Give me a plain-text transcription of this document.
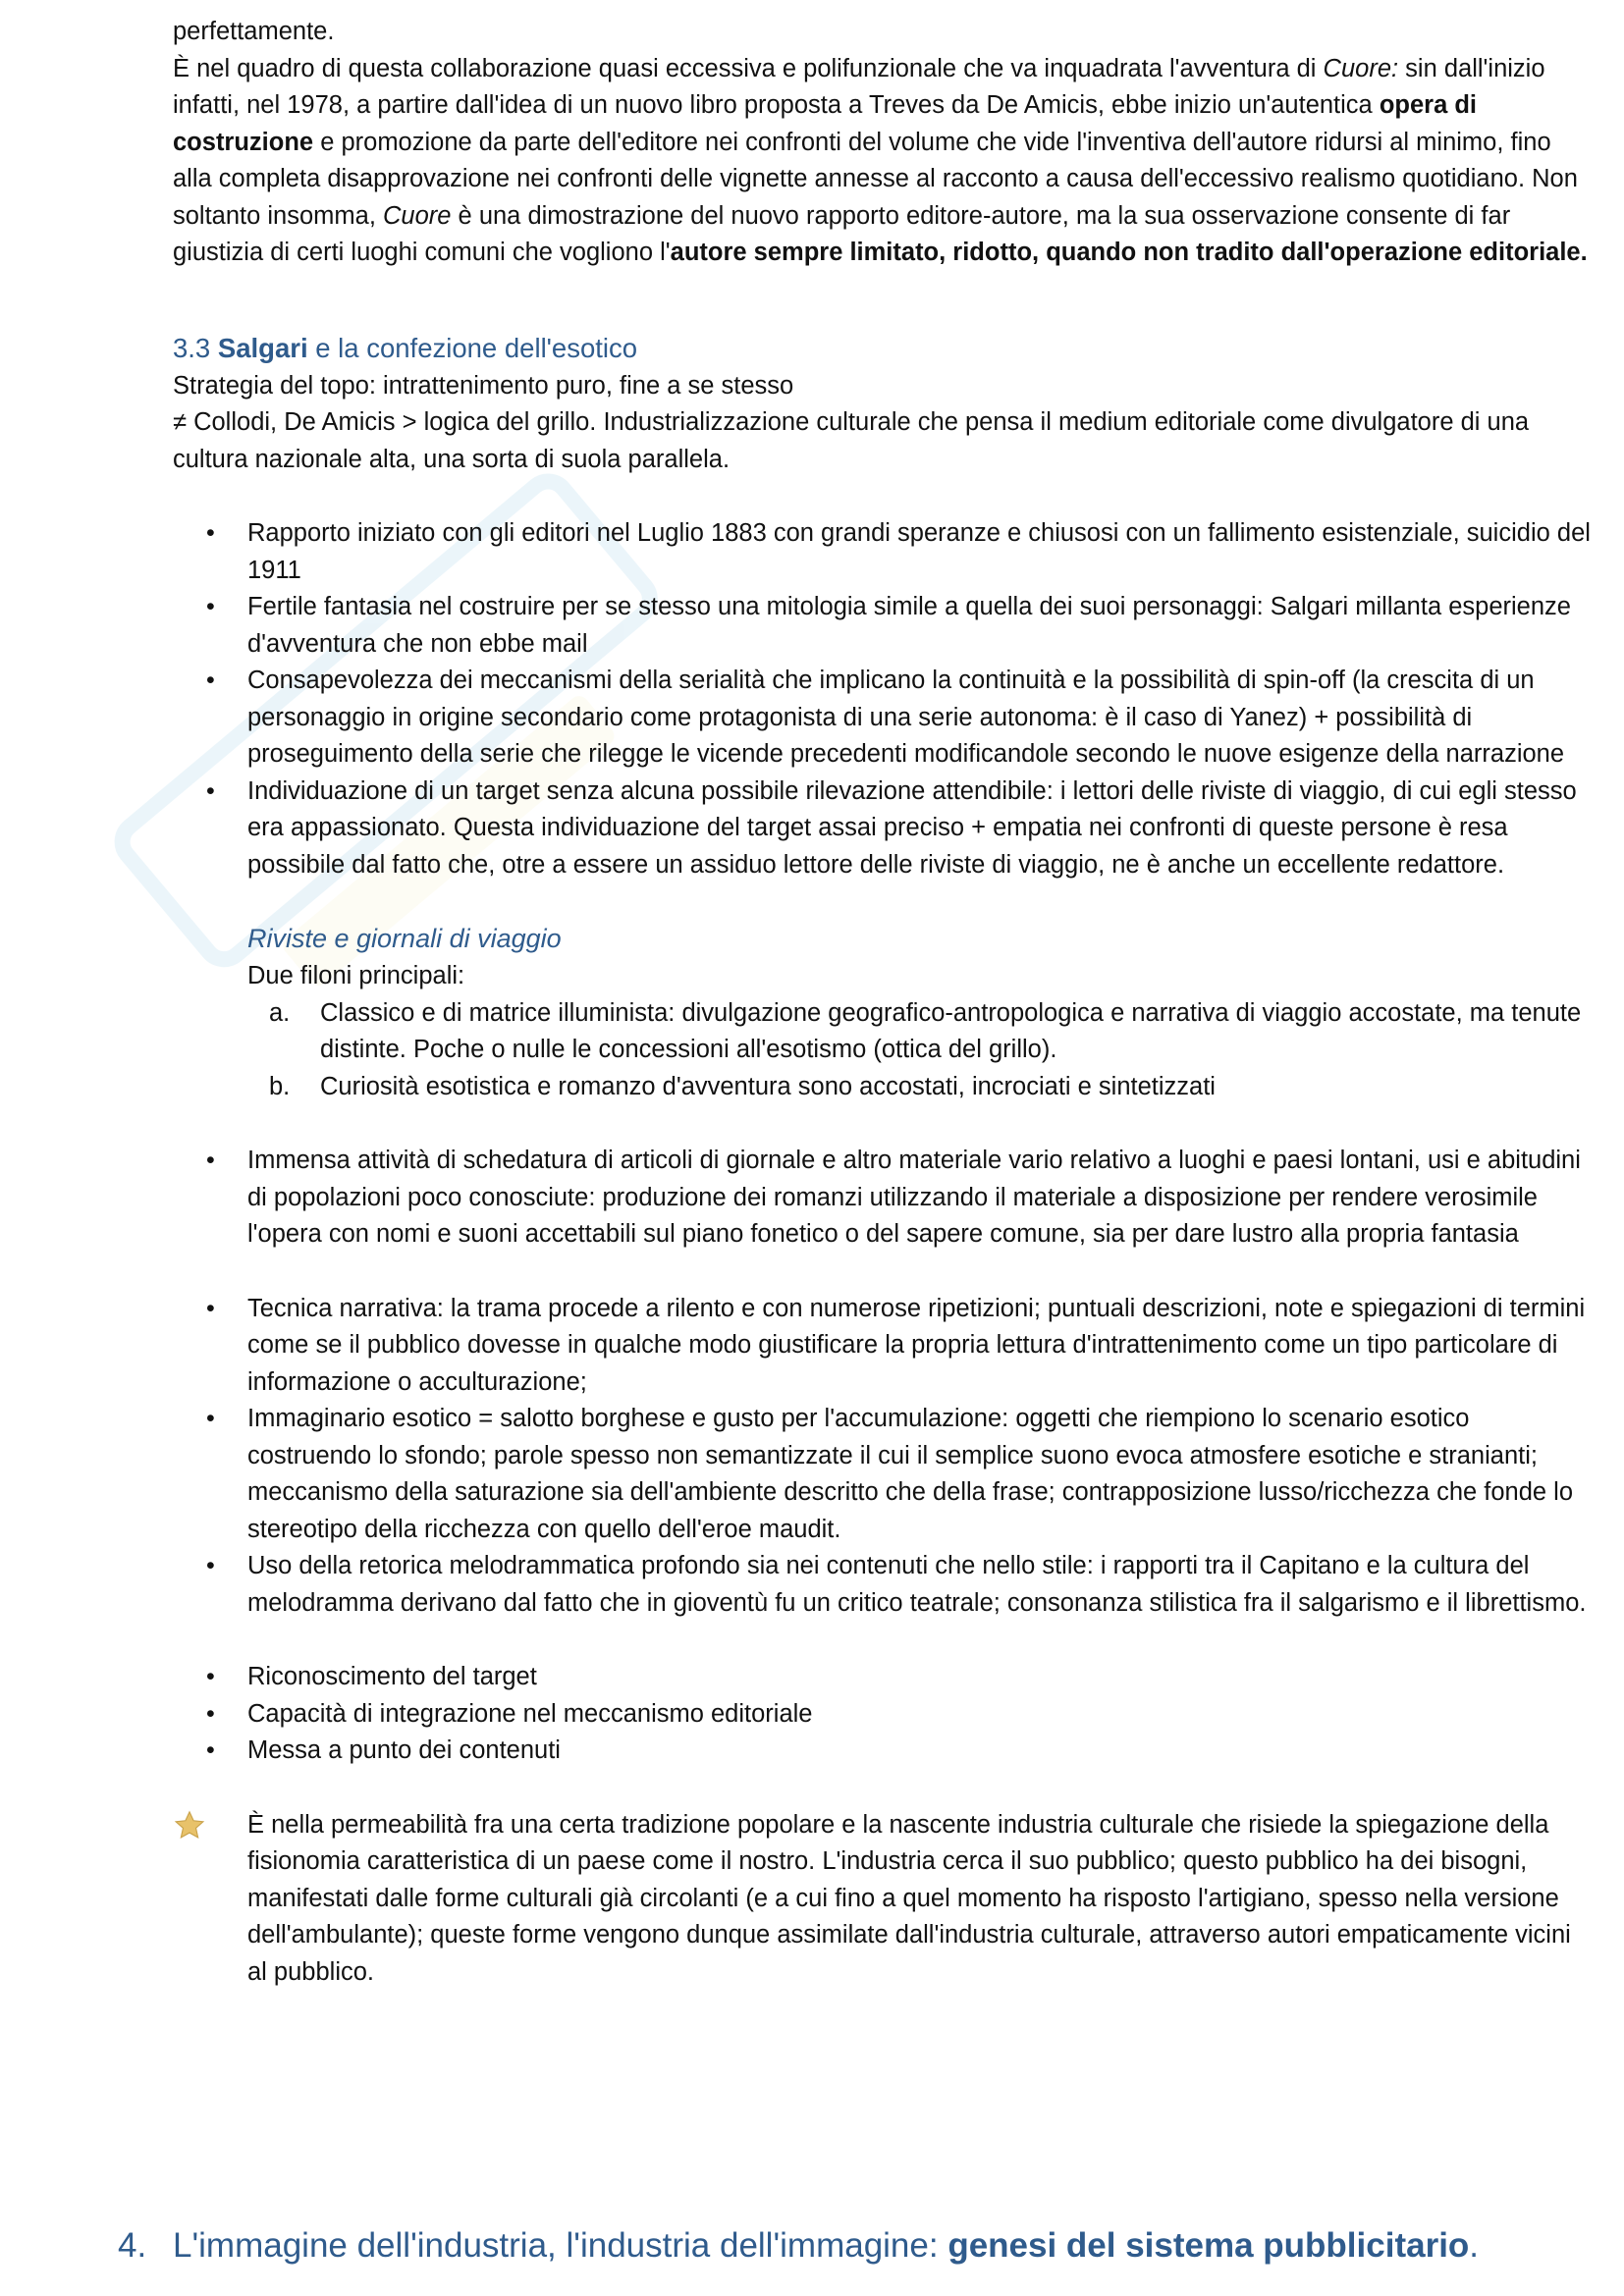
perfettamente.

È nel quadro di questa collaborazione quasi eccessiva e polifunzionale che va inquadrata l'avventura di Cuore: sin dall'inizio infatti, nel 1978, a partire dall'idea di un nuovo libro proposta a Treves da De Amicis, ebbe inizio un'autentica opera di costruzione e promozione da parte dell'editore nei confronti del volume che vide l'inventiva dell'autore ridursi al minimo, fino alla completa disapprovazione nei confronti delle vignette annesse al racconto a causa dell'eccessivo realismo quotidiano. Non soltanto insomma, Cuore è una dimostrazione del nuovo rapporto editore-autore, ma la sua osservazione consente di far giustizia di certi luoghi comuni che vogliono l'autore sempre limitato, ridotto, quando non tradito dall'operazione editoriale.

3.3 Salgari e la confezione dell'esotico

Strategia del topo: intrattenimento puro, fine a se stesso

≠ Collodi, De Amicis > logica del grillo. Industrializzazione culturale che pensa il medium editoriale come divulgatore di una cultura nazionale alta, una sorta di suola parallela.

• Rapporto iniziato con gli editori nel Luglio 1883 con grandi speranze e chiusosi con un fallimento esistenziale, suicidio del 1911
• Fertile fantasia nel costruire per se stesso una mitologia simile a quella dei suoi personaggi: Salgari millanta esperienze d'avventura che non ebbe mail
• Consapevolezza dei meccanismi della serialità che implicano la continuità e la possibilità di spin-off (la crescita di un personaggio in origine secondario come protagonista di una serie autonoma: è il caso di Yanez) + possibilità di proseguimento della serie che rilegge le vicende precedenti modificandole secondo le nuove esigenze della narrazione
• Individuazione di un target senza alcuna possibile rilevazione attendibile: i lettori delle riviste di viaggio, di cui egli stesso era appassionato. Questa individuazione del target assai preciso + empatia nei confronti di queste persone è resa possibile dal fatto che, otre a essere un assiduo lettore delle riviste di viaggio, ne è anche un eccellente redattore.
Riviste e giornali di viaggio

Due filoni principali:

a. Classico e di matrice illuminista: divulgazione geografico-antropologica e narrativa di viaggio accostate, ma tenute distinte. Poche o nulle le concessioni all'esotismo (ottica del grillo).
b. Curiosità esotistica e romanzo d'avventura sono accostati, incrociati e sintetizzati
• Immensa attività di schedatura di articoli di giornale e altro materiale vario relativo a luoghi e paesi lontani, usi e abitudini di popolazioni poco conosciute: produzione dei romanzi utilizzando il materiale a disposizione per rendere verosimile l'opera con nomi e suoni accettabili sul piano fonetico o del sapere comune, sia per dare lustro alla propria fantasia
• Tecnica narrativa: la trama procede a rilento e con numerose ripetizioni; puntuali descrizioni, note e spiegazioni di termini come se il pubblico dovesse in qualche modo giustificare la propria lettura d'intrattenimento come un tipo particolare di informazione o acculturazione;
• Immaginario esotico = salotto borghese e gusto per l'accumulazione: oggetti che riempiono lo scenario esotico costruendo lo sfondo; parole spesso non semantizzate il cui il semplice suono evoca atmosfere esotiche e stranianti; meccanismo della saturazione sia dell'ambiente descritto che della frase; contrapposizione lusso/ricchezza che fonde lo stereotipo della ricchezza con quello dell'eroe maudit.
• Uso della retorica melodrammatica profondo sia nei contenuti che nello stile: i rapporti tra il Capitano e la cultura del melodramma derivano dal fatto che in gioventù fu un critico teatrale; consonanza stilistica fra il salgarismo e il librettismo.
• Riconoscimento del target
• Capacità di integrazione nel meccanismo editoriale
• Messa a punto dei contenuti

È nella permeabilità fra una certa tradizione popolare e la nascente industria culturale che risiede la spiegazione della fisionomia caratteristica di un paese come il nostro. L'industria cerca il suo pubblico; questo pubblico ha dei bisogni, manifestati dalle forme culturali già circolanti (e a cui fino a quel momento ha risposto l'artigiano, spesso nella versione dell'ambulante); queste forme vengono dunque assimilate dall'industria culturale, attraverso autori empaticamente vicini al pubblico.

4. L'immagine dell'industria, l'industria dell'immagine: genesi del sistema pubblicitario.
